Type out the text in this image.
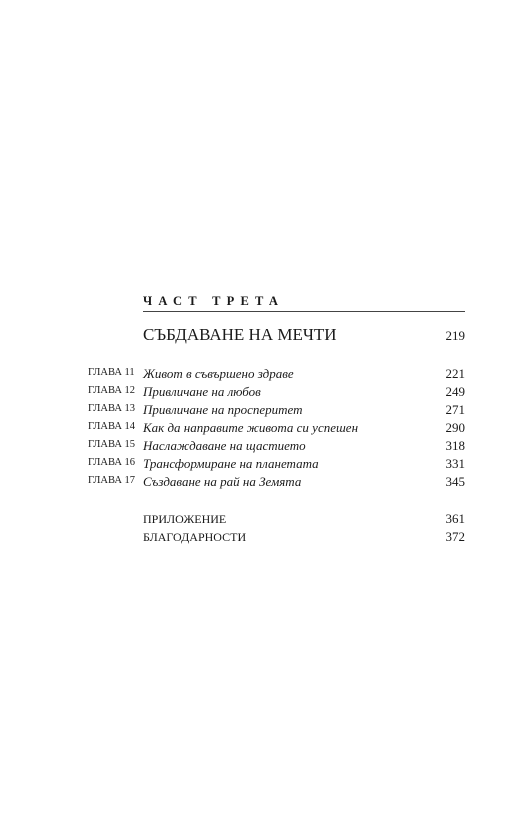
ЧАСТ ТРЕТА
СЪБДАВАНЕ НА МЕЧТИ	219
ГЛАВА 11 Живот в съвършено здраве	221
ГЛАВА 12 Привличане на любов	249
ГЛАВА 13 Привличане на просперитет	271
ГЛАВА 14 Как да направите живота си успешен	290
ГЛАВА 15 Наслаждаване на щастието	318
ГЛАВА 16 Трансформиране на планетата	331
ГЛАВА 17 Създаване на рай на Земята	345
ПРИЛОЖЕНИЕ	361
БЛАГОДАРНОСТИ	372
